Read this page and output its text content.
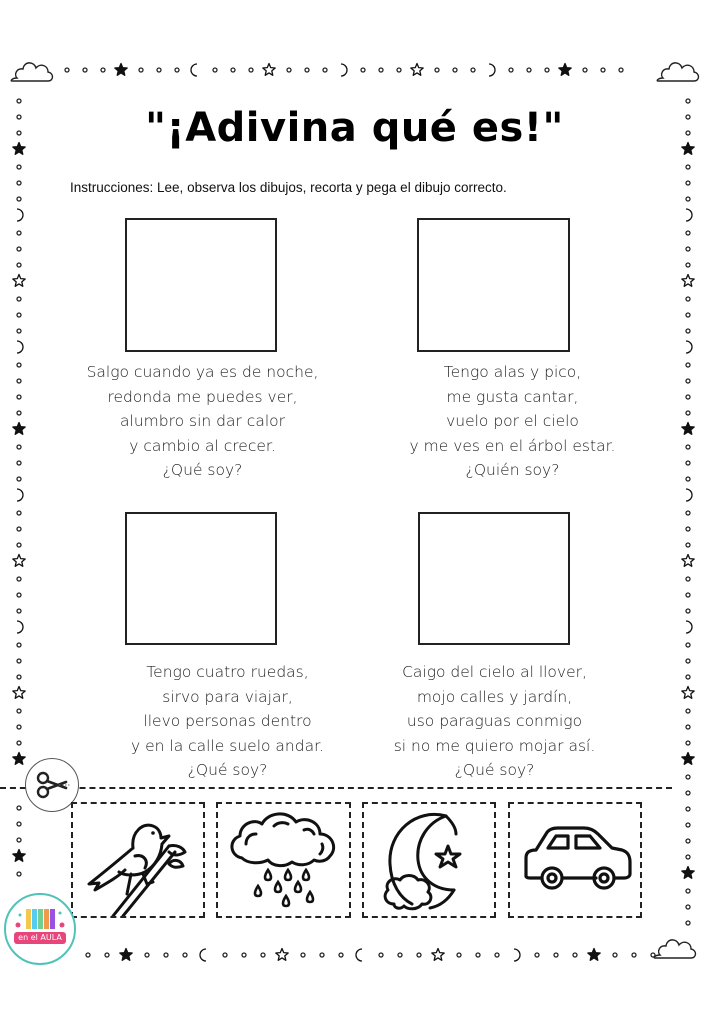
"¡Adivina qué es!"
Instrucciones: Lee, observa los dibujos, recorta y pega el dibujo correcto.
Salgo cuando ya es de noche,
redonda me puedes ver,
alumbro sin dar calor
y cambio al crecer.
¿Qué soy?
Tengo alas y pico,
me gusta cantar,
vuelo por el cielo
y me ves en el árbol estar.
¿Quién soy?
Tengo cuatro ruedas,
sirvo para viajar,
llevo personas dentro
y en la calle suelo andar.
¿Qué soy?
Caigo del cielo al llover,
mojo calles y jardín,
uso paraguas conmigo
si no me quiero mojar así.
¿Qué soy?
en el AULA
